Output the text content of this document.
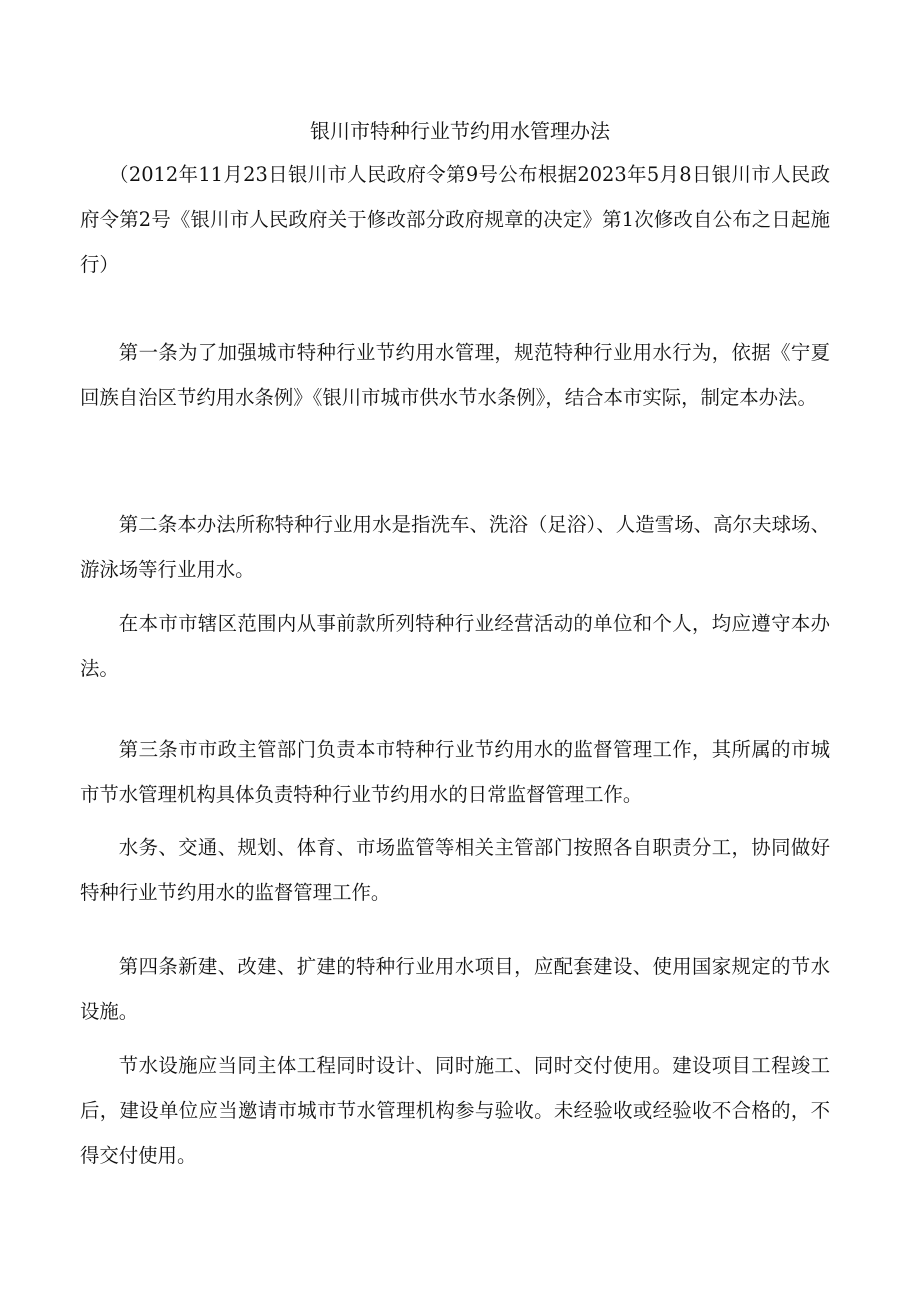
银川市特种行业节约用水管理办法

（2012年11月23日银川市人民政府令第9号公布根据2023年5月8日银川市人民政府令第2号《银川市人民政府关于修改部分政府规章的决定》第1次修改自公布之日起施行）

第一条为了加强城市特种行业节约用水管理，规范特种行业用水行为，依据《宁夏回族自治区节约用水条例》《银川市城市供水节水条例》，结合本市实际，制定本办法。

第二条本办法所称特种行业用水是指洗车、洗浴（足浴）、人造雪场、高尔夫球场、游泳场等行业用水。

在本市市辖区范围内从事前款所列特种行业经营活动的单位和个人，均应遵守本办法。

第三条市市政主管部门负责本市特种行业节约用水的监督管理工作，其所属的市城市节水管理机构具体负责特种行业节约用水的日常监督管理工作。

水务、交通、规划、体育、市场监管等相关主管部门按照各自职责分工，协同做好特种行业节约用水的监督管理工作。

第四条新建、改建、扩建的特种行业用水项目，应配套建设、使用国家规定的节水设施。

节水设施应当同主体工程同时设计、同时施工、同时交付使用。建设项目工程竣工后，建设单位应当邀请市城市节水管理机构参与验收。未经验收或经验收不合格的，不得交付使用。
